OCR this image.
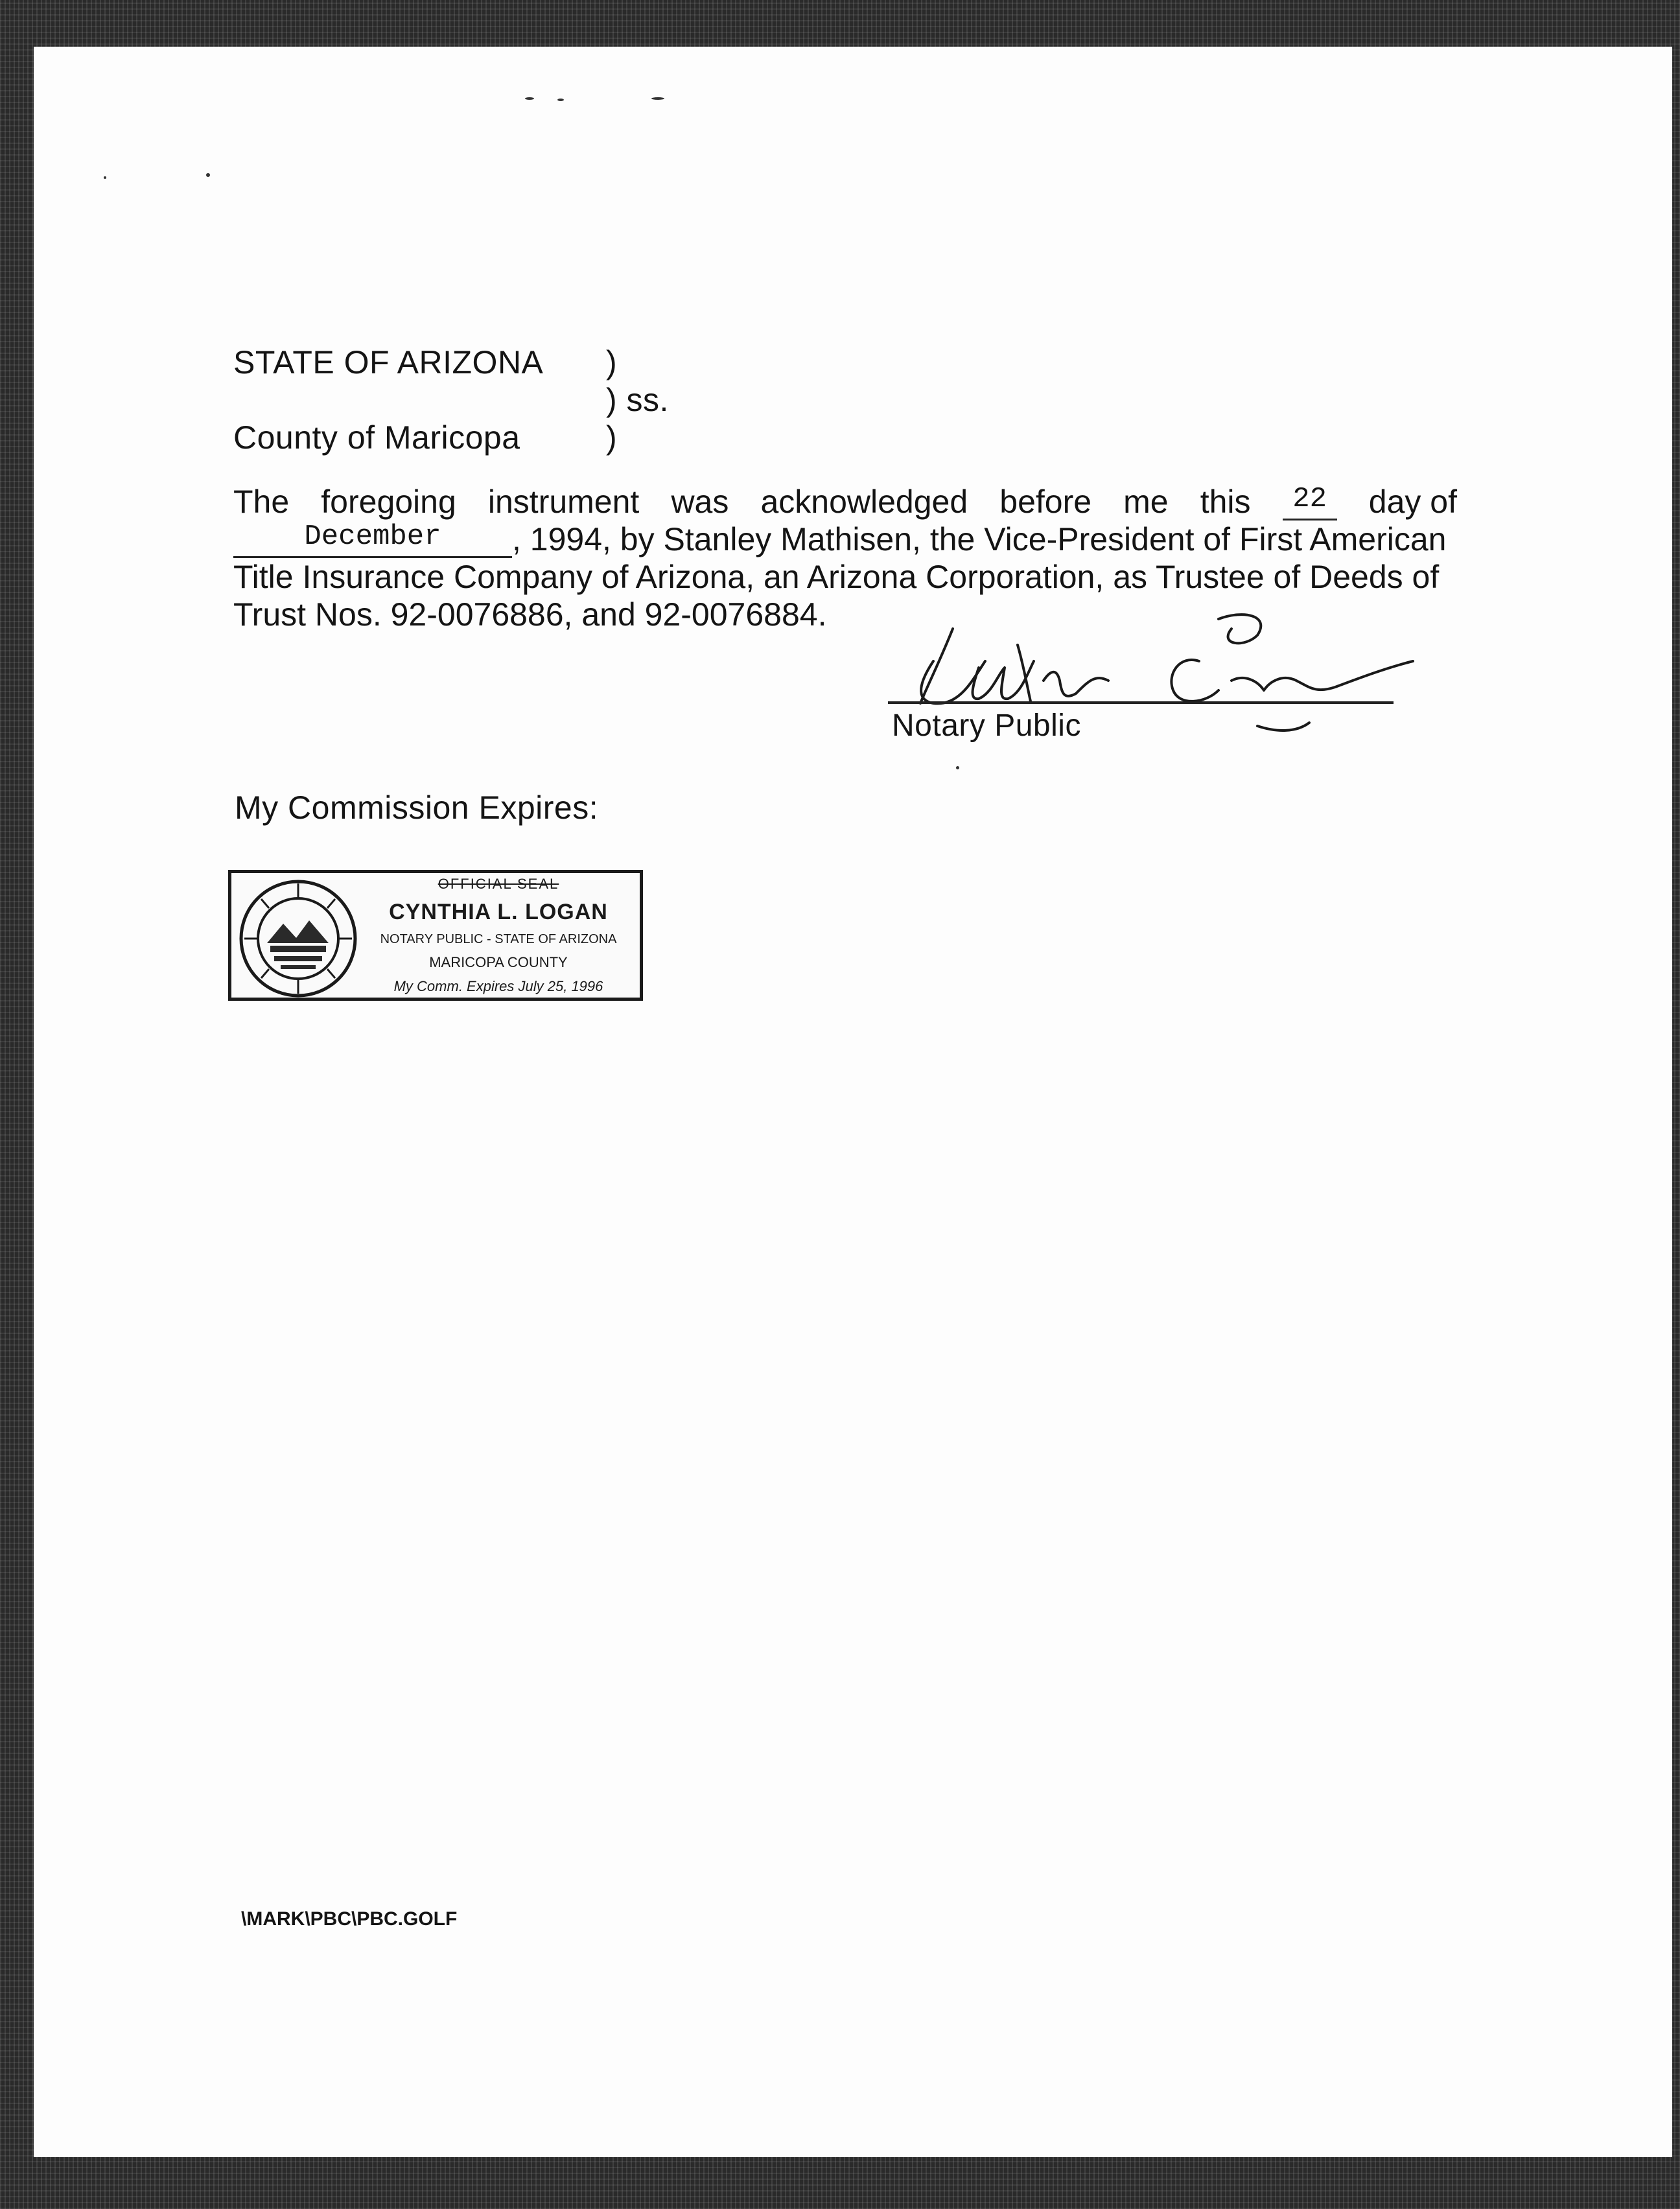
STATE OF ARIZONA )
) ss.
County of Maricopa	)
The foregoing instrument was acknowledged before me this	22	day of
December	, 1994, by Stanley Mathisen, the Vice-President of First American
Title Insurance Company of Arizona, an Arizona Corporation, as Trustee of Deeds of
Trust Nos. 92-0076886, and 92-0076884.
Notary Public
My Commission Expires:
OFFICIAL SEAL
CYNTHIA L. LOGAN
NOTARY PUBLIC - STATE OF ARIZONA
MARICOPA COUNTY
My Comm. Expires July 25, 1996
\MARK\PBC\PBC.GOLF
